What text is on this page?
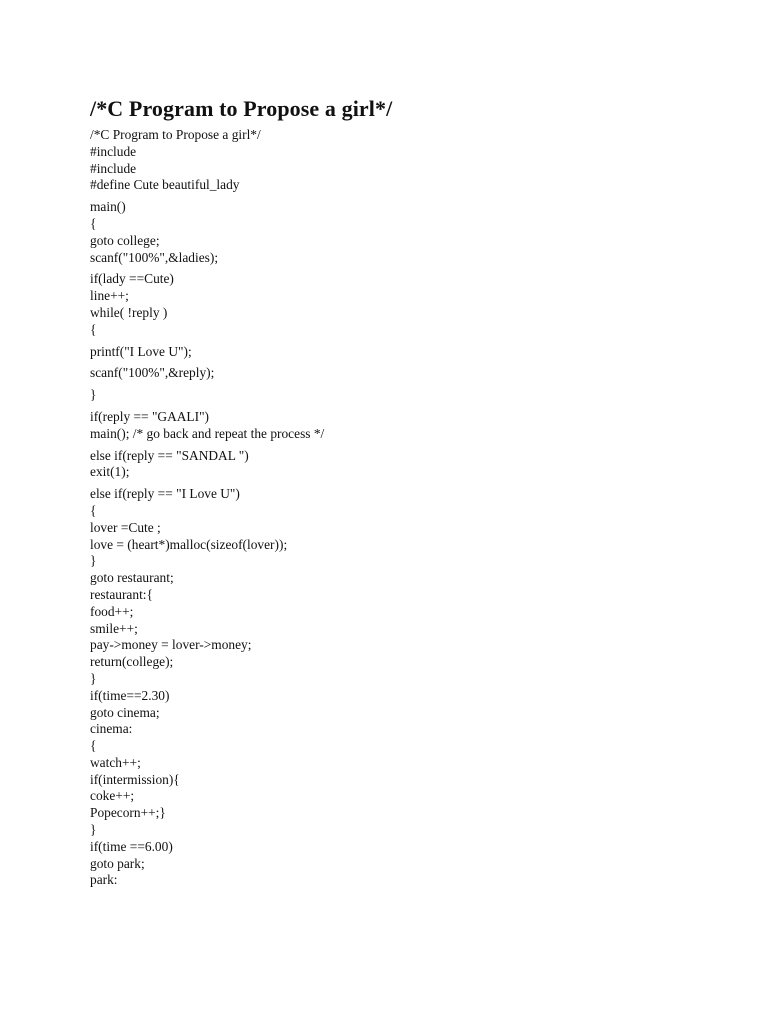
/*C Program to Propose a girl*/

/*C Program to Propose a girl*/

#include

#include

#define Cute beautiful_lady

main()

{

goto college;

scanf("100%",&ladies);

if(lady ==Cute)

line++;

while( !reply )

{

printf("I Love U");

scanf("100%",&reply);

}

if(reply == "GAALI")

main(); /* go back and repeat the process */

else if(reply == "SANDAL ")

exit(1);

else if(reply == "I Love U")

{

lover =Cute ;

love = (heart*)malloc(sizeof(lover));

}

goto restaurant;

restaurant:{

food++;

smile++;

pay->money = lover->money;

return(college);

}

if(time==2.30)

goto cinema;

cinema:

{

watch++;

if(intermission){

coke++;

Popecorn++;}

}

if(time ==6.00)

goto park;

park:
